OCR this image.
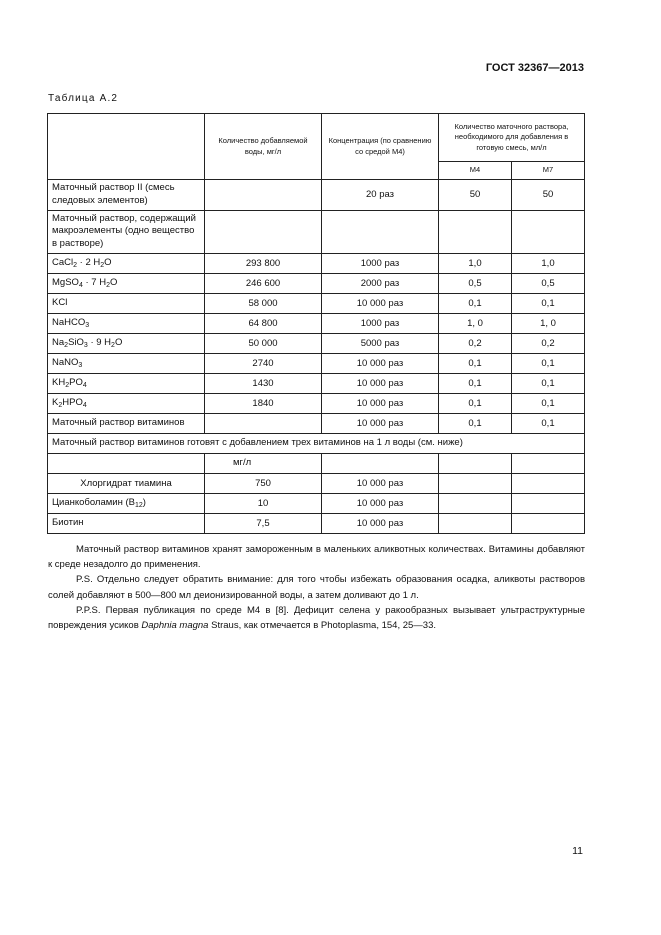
ГОСТ 32367—2013
Таблица А.2
	Количество добавляемой воды, мг/л	Концентрация (по сравнению со средой М4)	Количество маточного раствора, необходимого для добавления в готовую смесь, мл/л	
			М4	М7
Маточный раствор II (смесь следовых элементов)		20 раз	50	50
Маточный раствор, содержащий макроэлементы (одно вещество в растворе)				
CaCl$_2$ · 2 $H_2O$	293 800	1000 раз	1,0	1,0
MgSO$_4$ · 7 $H_2O$	246 600	2000 раз	0,5	0,5
KCl	58 000	10 000 раз	0,1	0,1
NaHCO$_3$	64 800	1000 раз	1, 0	1, 0
$Na_2SiO_3 \cdot 9$ $H_2O$	50 000	5000 раз	0,2	0,2
NaNO$_3$	2740	10 000 раз	0,1	0,1
$KH_2PO_4$	1430	10 000 раз	0,1	0,1
$K_2HPO_4$	1840	10 000 раз	0,1	0,1
Маточный раствор витаминов		10 000 раз	0,1	0,1
Маточный раствор витаминов готовят с добавлением трех витаминов на 1 л воды (см. ниже)				
	мг/л			
Хлоргидрат тиамина	750	10 000 раз		
Цианкоболамин $(B_{12})$	10	10 000 раз		
Биотин	7,5	10 000 раз		

Маточный раствор витаминов хранят замороженным в маленьких аликвотных количествах. Витамины добавляют к среде незадолго до применения.

P.S. Отдельно следует обратить внимание: для того чтобы избежать образования осадка, аликвоты растворов солей добавляют в 500—800 мл деионизированной воды, а затем доливают до 1 л.

P.P.S. Первая публикация по среде М4 в [8]. Дефицит селена у ракообразных вызывает ультраструктурные повреждения усиков Daphnia magna Straus, как отмечается в Photoplasma, 154, 25—33.

11
